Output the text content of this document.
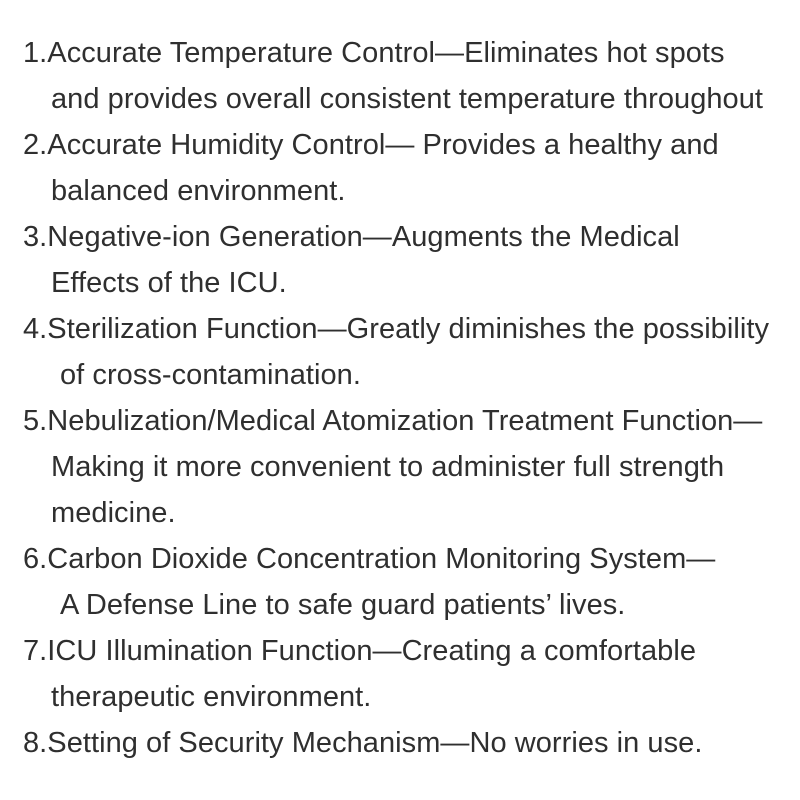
1.Accurate Temperature Control—Eliminates hot spots
and provides overall consistent temperature throughout
2.Accurate Humidity Control— Provides a healthy and
balanced environment.
3.Negative-ion Generation—Augments the Medical
Effects of the ICU.
4.Sterilization Function—Greatly diminishes the possibility
of cross-contamination.
5.Nebulization/Medical Atomization Treatment Function—
Making it more convenient to administer full strength
medicine.
6.Carbon Dioxide Concentration Monitoring System—
A Defense Line to safe guard patients’ lives.
7.ICU Illumination Function—Creating a comfortable
therapeutic environment.
8.Setting of Security Mechanism—No worries in use.
